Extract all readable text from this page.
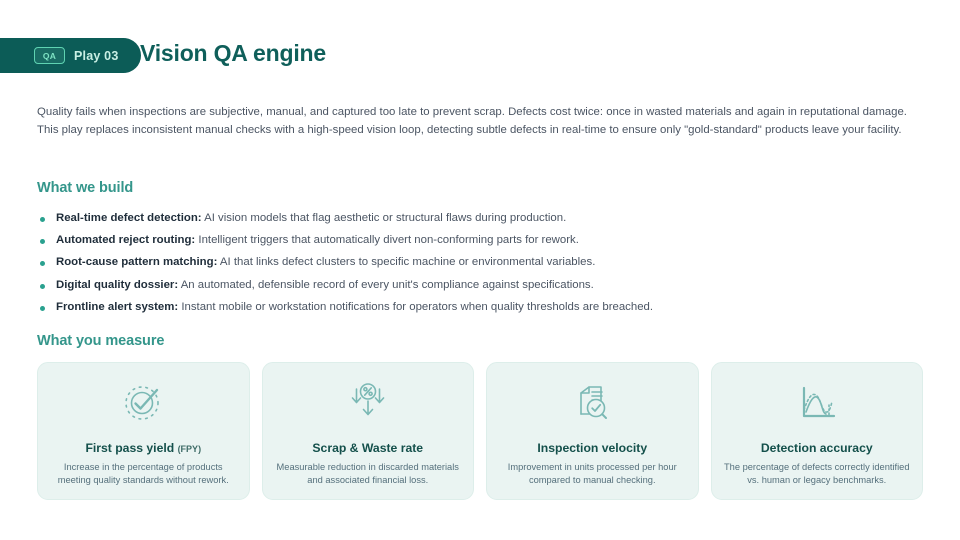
QA	Play 03 Vision QA engine
Quality fails when inspections are subjective, manual, and captured too late to prevent scrap. Defects cost twice: once in wasted materials and again in reputational damage. This play replaces inconsistent manual checks with a high-speed vision loop, detecting subtle defects in real-time to ensure only "gold-standard" products leave your facility.
What we build
Real-time defect detection: AI vision models that flag aesthetic or structural flaws during production.
Automated reject routing: Intelligent triggers that automatically divert non-conforming parts for rework.
Root-cause pattern matching: AI that links defect clusters to specific machine or environmental variables.
Digital quality dossier: An automated, defensible record of every unit's compliance against specifications.
Frontline alert system: Instant mobile or workstation notifications for operators when quality thresholds are breached.
What you measure
First pass yield (FPY)
Increase in the percentage of products meeting quality standards without rework.
Scrap & Waste rate
Measurable reduction in discarded materials and associated financial loss.
Inspection velocity
Improvement in units processed per hour compared to manual checking.
Detection accuracy
The percentage of defects correctly identified vs. human or legacy benchmarks.
